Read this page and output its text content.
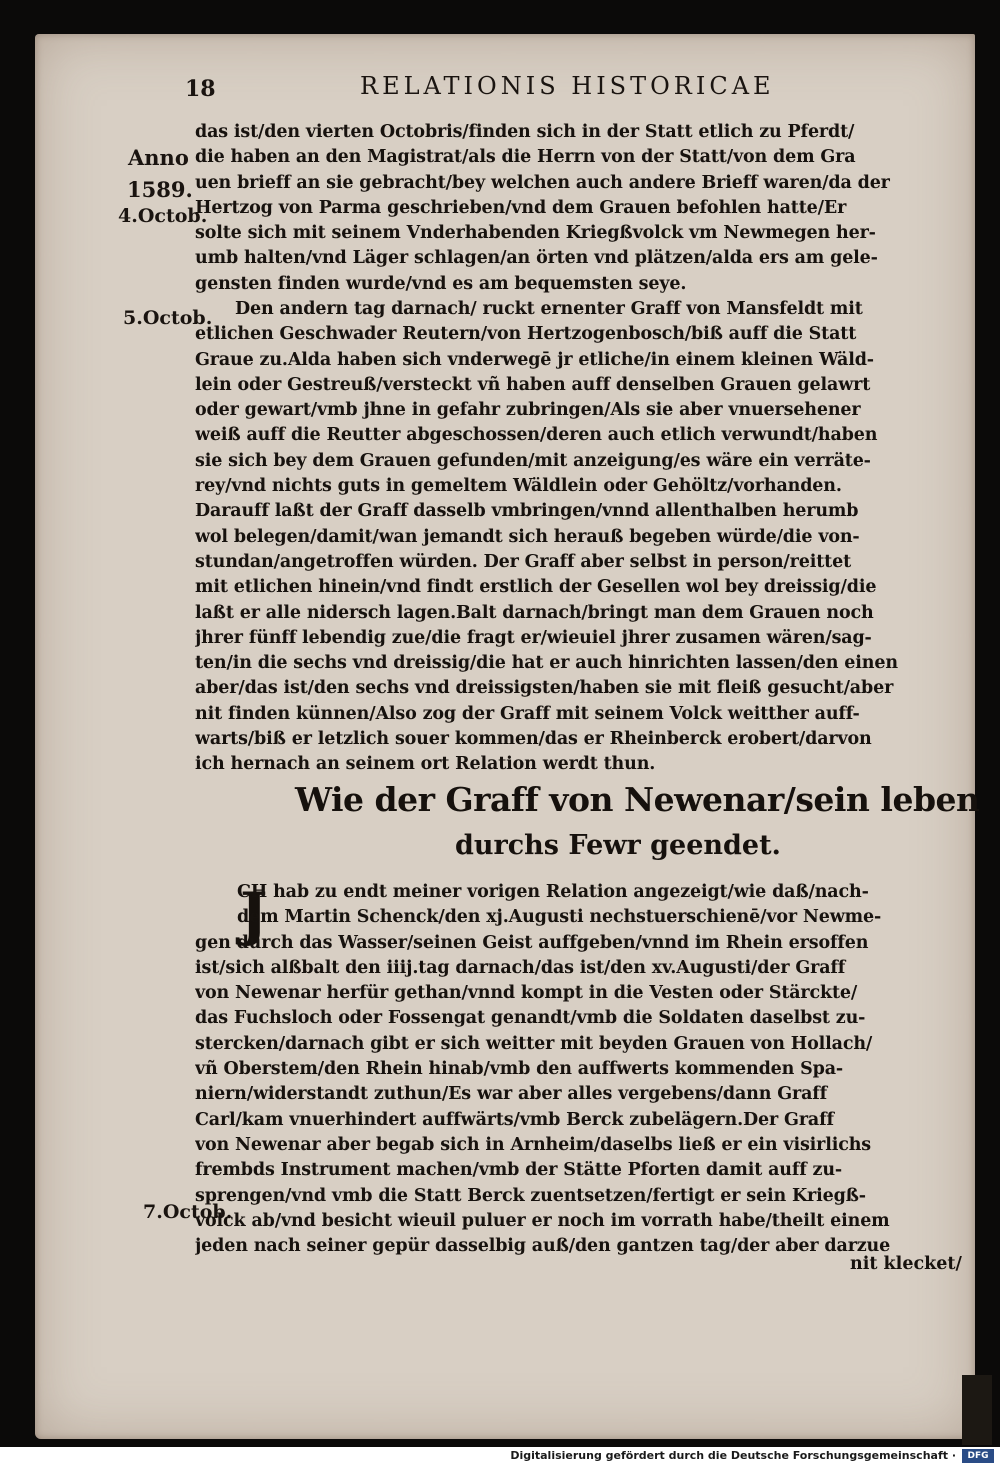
18	RELATIONIS HISTORICAE
Anno
1589.
4.Octob.
5.Octob.
7.Octob.
das ist/den vierten Octobris/finden sich in der Statt etlich zu Pferdt/
die haben an den Magistrat/als die Herrn von der Statt/von dem Gra
uen brieff an sie gebracht/bey welchen auch andere Brieff waren/da der
Hertzog von Parma geschrieben/vnd dem Grauen befohlen hatte/Er
solte sich mit seinem Vnderhabenden Kriegßvolck vm Newmegen her-
umb halten/vnd Läger schlagen/an örten vnd plätzen/alda ers am gele-
gensten finden wurde/vnd es am bequemsten seye.
Den andern tag darnach/ ruckt ernenter Graff von Mansfeldt mit
etlichen Geschwader Reutern/von Hertzogenbosch/biß auff die Statt
Graue zu.Alda haben sich vnderwegē jr etliche/in einem kleinen Wäld-
lein oder Gestreuß/versteckt vñ haben auff denselben Grauen gelawrt
oder gewart/vmb jhne in gefahr zubringen/Als sie aber vnuersehener
weiß auff die Reutter abgeschossen/deren auch etlich verwundt/haben
sie sich bey dem Grauen gefunden/mit anzeigung/es wäre ein verräte-
rey/vnd nichts guts in gemeltem Wäldlein oder Gehöltz/vorhanden.
Darauff laßt der Graff dasselb vmbringen/vnnd allenthalben herumb
wol belegen/damit/wan jemandt sich herauß begeben würde/die von-
stundan/angetroffen würden. Der Graff aber selbst in person/reittet
mit etlichen hinein/vnd findt erstlich der Gesellen wol bey dreissig/die
laßt er alle nidersch lagen.Balt darnach/bringt man dem Grauen noch
jhrer fünff lebendig zue/die fragt er/wieuiel jhrer zusamen wären/sag-
ten/in die sechs vnd dreissig/die hat er auch hinrichten lassen/den einen
aber/das ist/den sechs vnd dreissigsten/haben sie mit fleiß gesucht/aber
nit finden künnen/Also zog der Graff mit seinem Volck weitther auff-
warts/biß er letzlich souer kommen/das er Rheinberck erobert/darvon
ich hernach an seinem ort Relation werdt thun.
Wie der Graff von Newenar/sein leben
durchs Fewr geendet.
J
CH hab zu endt meiner vorigen Relation angezeigt/wie daß/nach-
dem Martin Schenck/den xj.Augusti nechstuerschienē/vor Newme-
gen durch das Wasser/seinen Geist auffgeben/vnnd im Rhein ersoffen
ist/sich alßbalt den iiij.tag darnach/das ist/den xv.Augusti/der Graff
von Newenar herfür gethan/vnnd kompt in die Vesten oder Stärckte/
das Fuchsloch oder Fossengat genandt/vmb die Soldaten daselbst zu-
stercken/darnach gibt er sich weitter mit beyden Grauen von Hollach/
vñ Oberstem/den Rhein hinab/vmb den auffwerts kommenden Spa-
niern/widerstandt zuthun/Es war aber alles vergebens/dann Graff
Carl/kam vnuerhindert auffwärts/vmb Berck zubelägern.Der Graff
von Newenar aber begab sich in Arnheim/daselbs ließ er ein visirlichs
frembds Instrument machen/vmb der Stätte Pforten damit auff zu-
sprengen/vnd vmb die Statt Berck zuentsetzen/fertigt er sein Kriegß-
volck ab/vnd besicht wieuil puluer er noch im vorrath habe/theilt einem
jeden nach seiner gepür dasselbig auß/den gantzen tag/der aber darzue
nit klecket/
Digitalisierung gefördert durch die Deutsche Forschungsgemeinschaft ·	DFG
